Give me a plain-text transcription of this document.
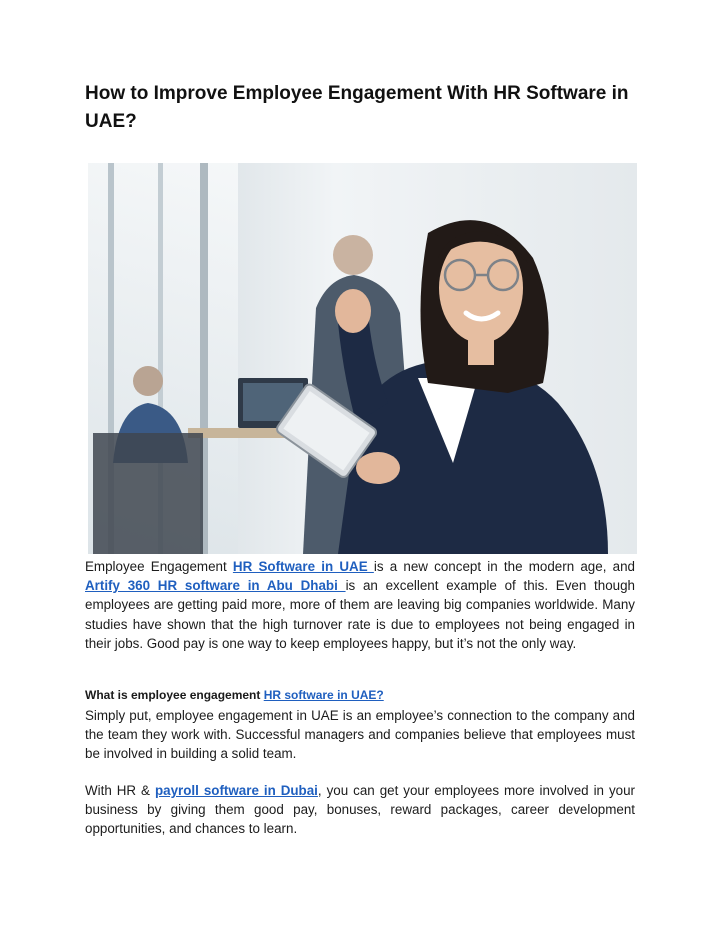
How to Improve Employee Engagement With HR Software in UAE?

Employee Engagement HR Software in UAE is a new concept in the modern age, and Artify 360 HR software in Abu Dhabi is an excellent example of this. Even though employees are getting paid more, more of them are leaving big companies worldwide. Many studies have shown that the high turnover rate is due to employees not being engaged in their jobs. Good pay is one way to keep employees happy, but it’s not the only way.

What is employee engagement HR software in UAE?

Simply put, employee engagement in UAE is an employee’s connection to the company and the team they work with. Successful managers and companies believe that employees must be involved in building a solid team.

With HR & payroll software in Dubai, you can get your employees more involved in your business by giving them good pay, bonuses, reward packages, career development opportunities, and chances to learn.
